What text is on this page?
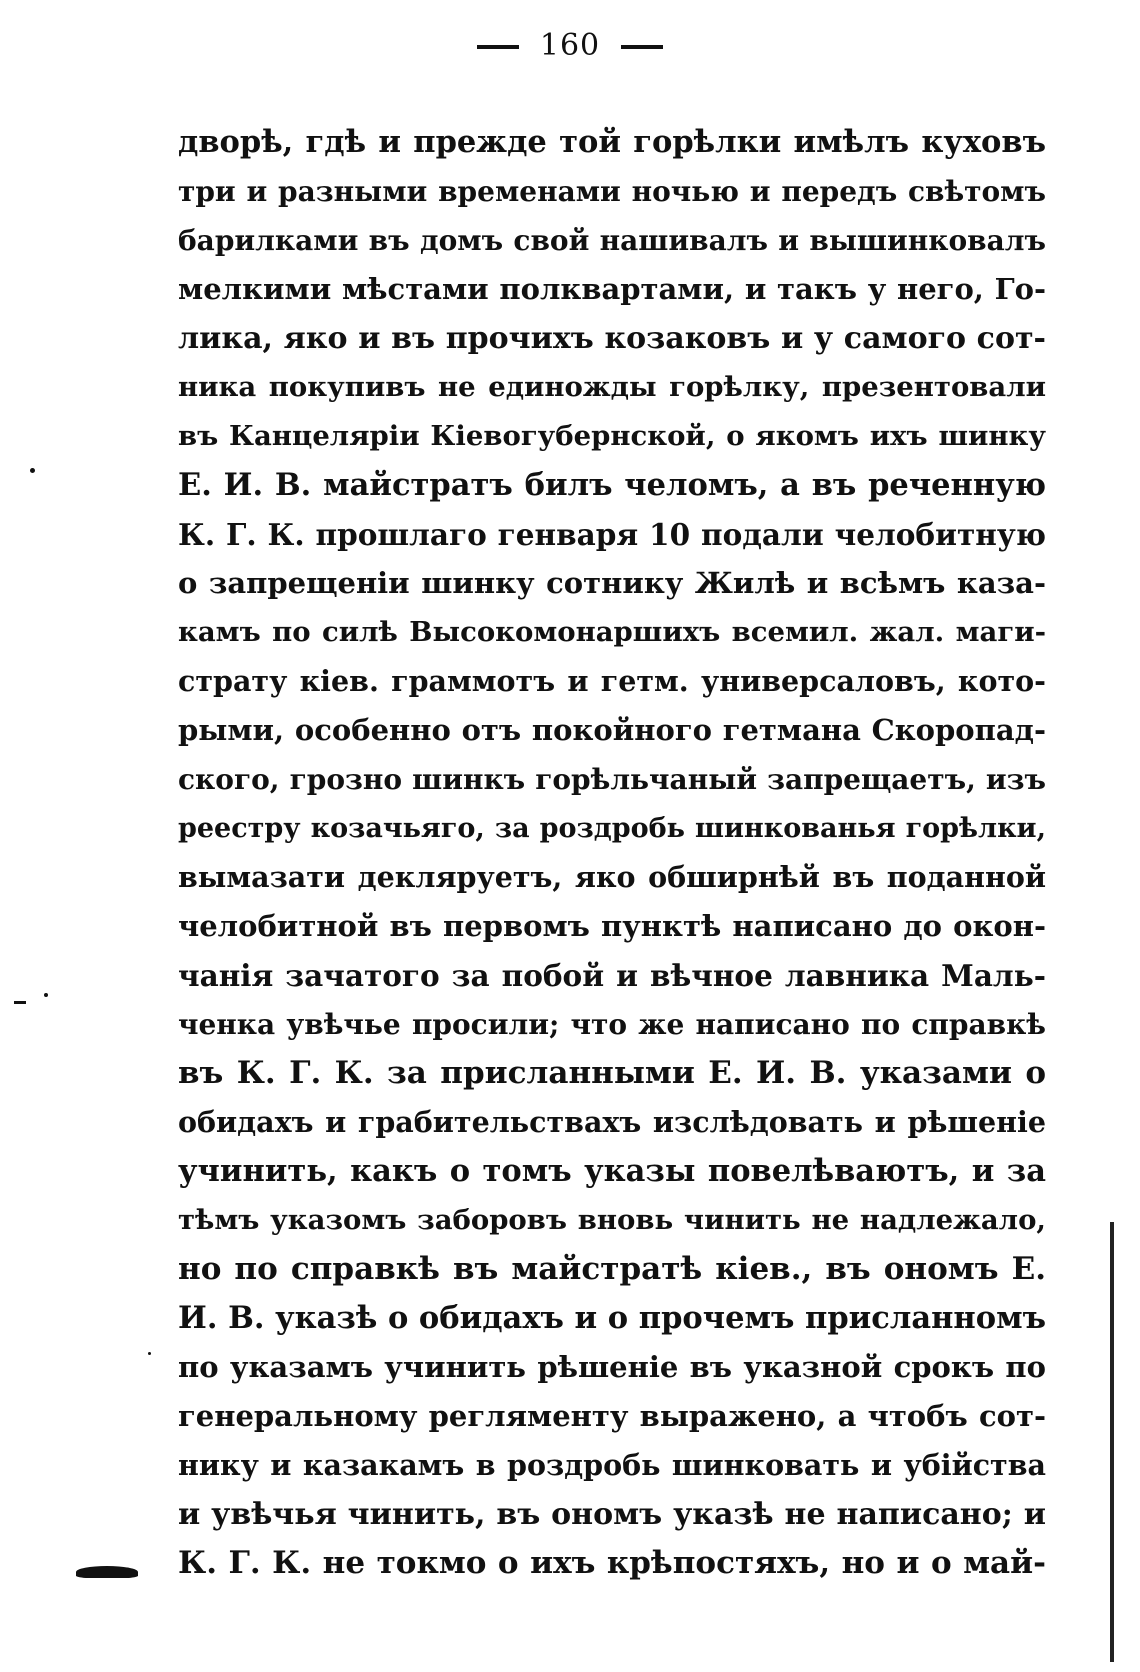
160
дворѣ, гдѣ и прежде той горѣлки имѣлъ куховъ
три и разными временами ночью и передъ свѣтомъ
барилками въ домъ свой нашивалъ и вышинковалъ
мелкими мѣстами полквартами, и такъ у него, Го-
лика, яко и въ прочихъ козаковъ и у самого сот-
ника покупивъ не единожды горѣлку, презентовали
въ Канцеляріи Кіевогубернской, о якомъ ихъ шинку
Е. И. В. майстратъ билъ челомъ, а въ реченную
К. Г. К. прошлаго генваря 10 подали челобитную
о запрещеніи шинку сотнику Жилѣ и всѣмъ каза-
камъ по силѣ Высокомонаршихъ всемил. жал. маги-
страту кіев. граммотъ и гетм. универсаловъ, кото-
рыми, особенно отъ покойного гетмана Скоропад-
ского, грозно шинкъ горѣльчаный запрещаетъ, изъ
реестру козачьяго, за роздробь шинкованья горѣлки,
вымазати декляруетъ, яко обширнѣй въ поданной
челобитной въ первомъ пунктѣ написано до окон-
чанія зачатого за побой и вѣчное лавника Маль-
ченка увѣчье просили; что же написано по справкѣ
въ К. Г. К. за присланными Е. И. В. указами о
обидахъ и грабительствахъ изслѣдовать и рѣшеніе
учинить, какъ о томъ указы повелѣваютъ, и за
тѣмъ указомъ заборовъ вновь чинить не надлежало,
но по справкѣ въ майстратѣ кіев., въ ономъ Е.
И. В. указѣ о обидахъ и о прочемъ присланномъ
по указамъ учинить рѣшеніе въ указной срокъ по
генеральному регляменту выражено, а чтобъ сот-
нику и казакамъ в роздробь шинковать и убійства
и увѣчья чинить, въ ономъ указѣ не написано; и
К. Г. К. не токмо о ихъ крѣпостяхъ, но и о май-
